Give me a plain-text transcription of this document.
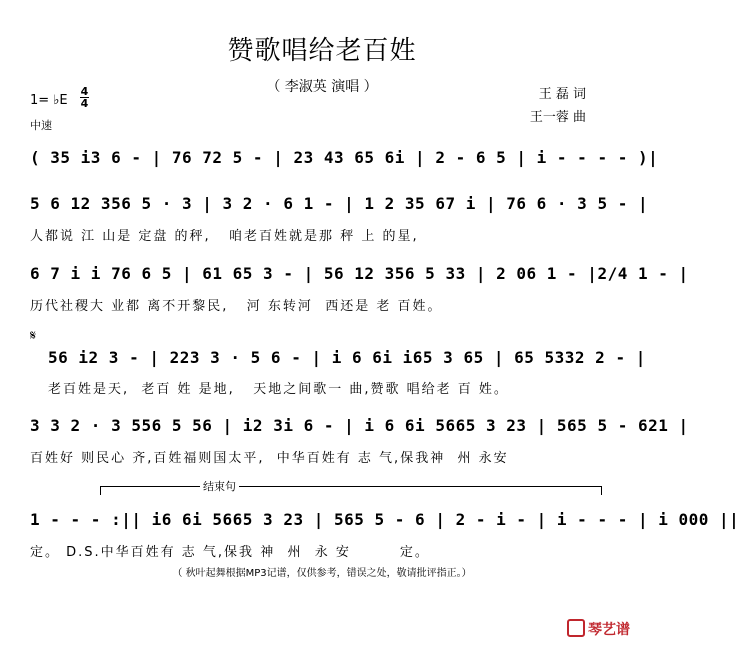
赞歌唱给老百姓
（ 李淑英 演唱 ）	王 磊 词
王一蓉 曲
1= ♭E
4
4
中速
( 35 i3 6 - | 76 72 5 - | 23 43 65 6i | 2 - 6 5 | i - - - - )|
5 6 12 356 5 · 3 | 3 2 · 6 1 - | 1 2 35 67 i | 76 6 · 3 5 - |
人都说 江 山是 定盘 的秤,   咱老百姓就是那 秤 上 的星,
6 7 i i 76 6 5 | 61 65 3 - | 56 12 356 5 33 | 2 06 1 - |2/4 1 - |
历代社稷大 业都 离不开黎民,   河 东转河  西还是 老 百姓。
𝄋
56 i2 3 - | 223 3 · 5 6 - | i 6 6i i65 3 65 | 65 5332 2 - |
老百姓是天,  老百 姓 是地,   天地之间歌一 曲,赞歌 唱给老 百 姓。
3 3 2 · 3 556 5 56 | i2 3i 6 - | i 6 6i 5665 3 23 | 565 5 - 621 |
百姓好 则民心 齐,百姓福则国太平,  中华百姓有 志 气,保我神  州 永安
结束句
1 - - - :|| i6 6i 5665 3 23 | 565 5 - 6 | 2 - i - | i - - - | i 000 ||
定。 D.S.中华百姓有 志 气,保我 神  州  永 安        定。
（ 秋叶起舞根据MP3记谱，仅供参考，错误之处，敬请批评指正。）
琴艺谱
